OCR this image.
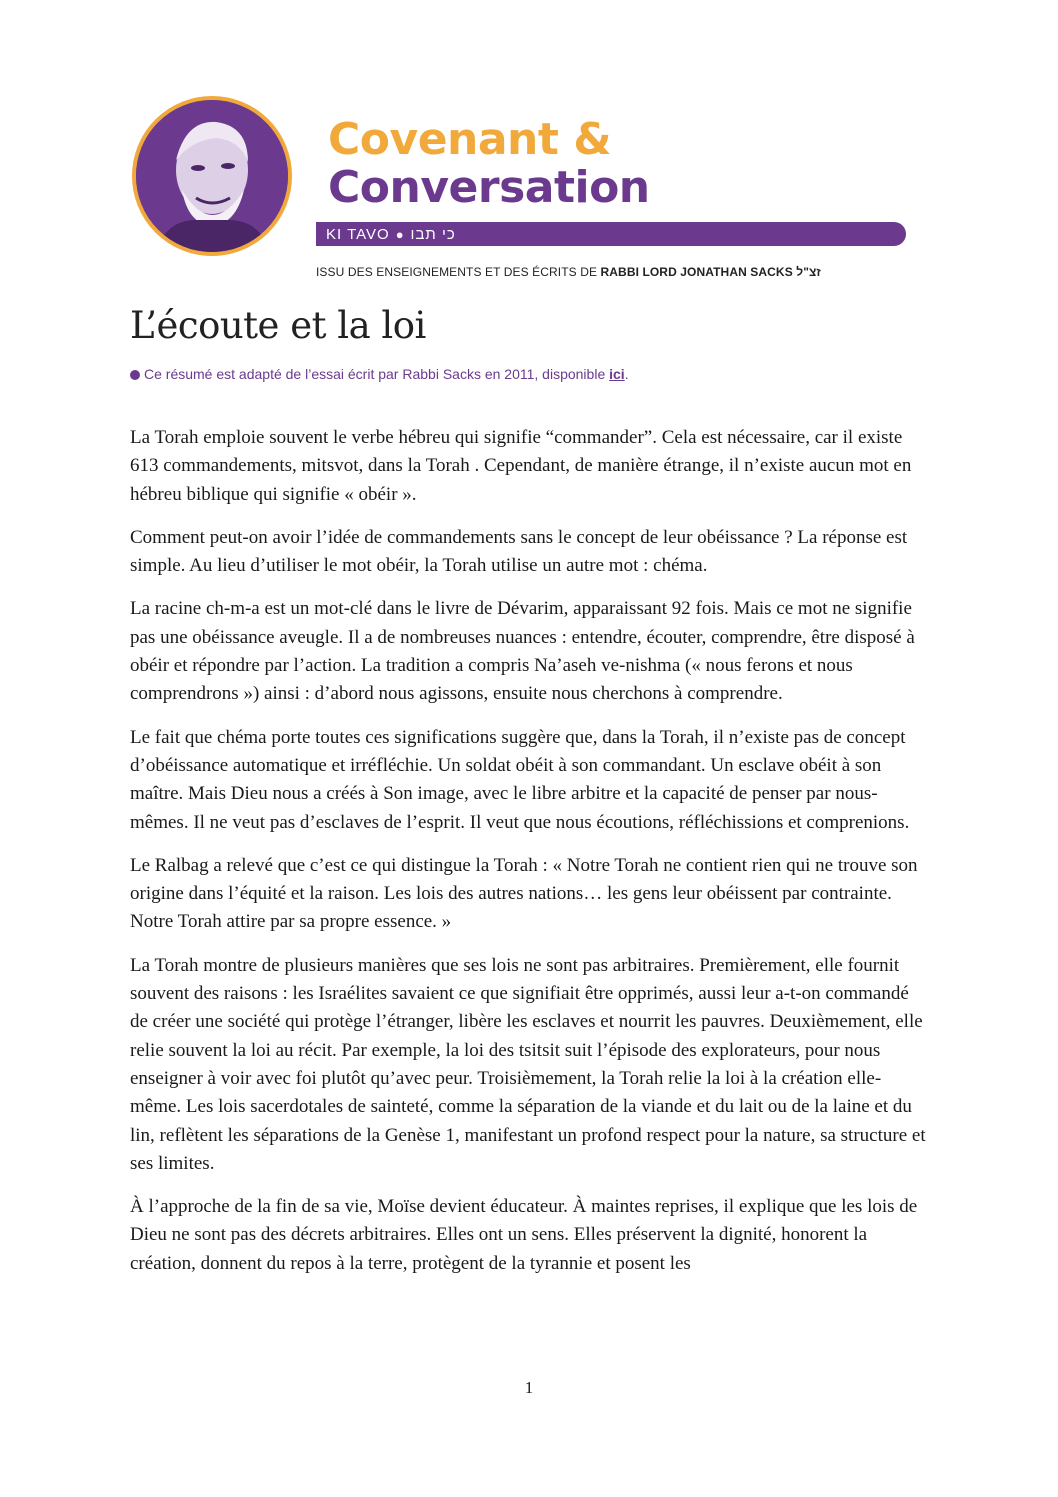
Covenant &
Conversation
KI TAVO ● כי תבו
ISSU DES ENSEIGNEMENTS ET DES ÉCRITS DE RABBI LORD JONATHAN SACKS זצ"ל
L’écoute et la loi
Ce résumé est adapté de l’essai écrit par Rabbi Sacks en 2011, disponible ici.

La Torah emploie souvent le verbe hébreu qui signifie “commander”. Cela est nécessaire, car il existe 613 commandements, mitsvot, dans la Torah . Cependant, de manière étrange, il n’existe aucun mot en hébreu biblique qui signifie « obéir ».

Comment peut-on avoir l’idée de commandements sans le concept de leur obéissance ? La réponse est simple. Au lieu d’utiliser le mot obéir, la Torah utilise un autre mot : chéma.

La racine ch-m-a est un mot-clé dans le livre de Dévarim, apparaissant 92 fois. Mais ce mot ne signifie pas une obéissance aveugle. Il a de nombreuses nuances : entendre, écouter, comprendre, être disposé à obéir et répondre par l’action. La tradition a compris Na’aseh ve-nishma (« nous ferons et nous comprendrons ») ainsi : d’abord nous agissons, ensuite nous cherchons à comprendre.

Le fait que chéma porte toutes ces significations suggère que, dans la Torah, il n’existe pas de concept d’obéissance automatique et irréfléchie. Un soldat obéit à son commandant. Un esclave obéit à son maître. Mais Dieu nous a créés à Son image, avec le libre arbitre et la capacité de penser par nous-mêmes. Il ne veut pas d’esclaves de l’esprit. Il veut que nous écoutions, réfléchissions et comprenions.

Le Ralbag a relevé que c’est ce qui distingue la Torah : « Notre Torah ne contient rien qui ne trouve son origine dans l’équité et la raison. Les lois des autres nations… les gens leur obéissent par contrainte. Notre Torah attire par sa propre essence. »

La Torah montre de plusieurs manières que ses lois ne sont pas arbitraires. Premièrement, elle fournit souvent des raisons : les Israélites savaient ce que signifiait être opprimés, aussi leur a-t-on commandé de créer une société qui protège l’étranger, libère les esclaves et nourrit les pauvres. Deuxièmement, elle relie souvent la loi au récit. Par exemple, la loi des tsitsit suit l’épisode des explorateurs, pour nous enseigner à voir avec foi plutôt qu’avec peur. Troisièmement, la Torah relie la loi à la création elle-même. Les lois sacerdotales de sainteté, comme la séparation de la viande et du lait ou de la laine et du lin, reflètent les séparations de la Genèse 1, manifestant un profond respect pour la nature, sa structure et ses limites.

À l’approche de la fin de sa vie, Moïse devient éducateur. À maintes reprises, il explique que les lois de Dieu ne sont pas des décrets arbitraires. Elles ont un sens. Elles préservent la dignité, honorent la création, donnent du repos à la terre, protègent de la tyrannie et posent les

1
